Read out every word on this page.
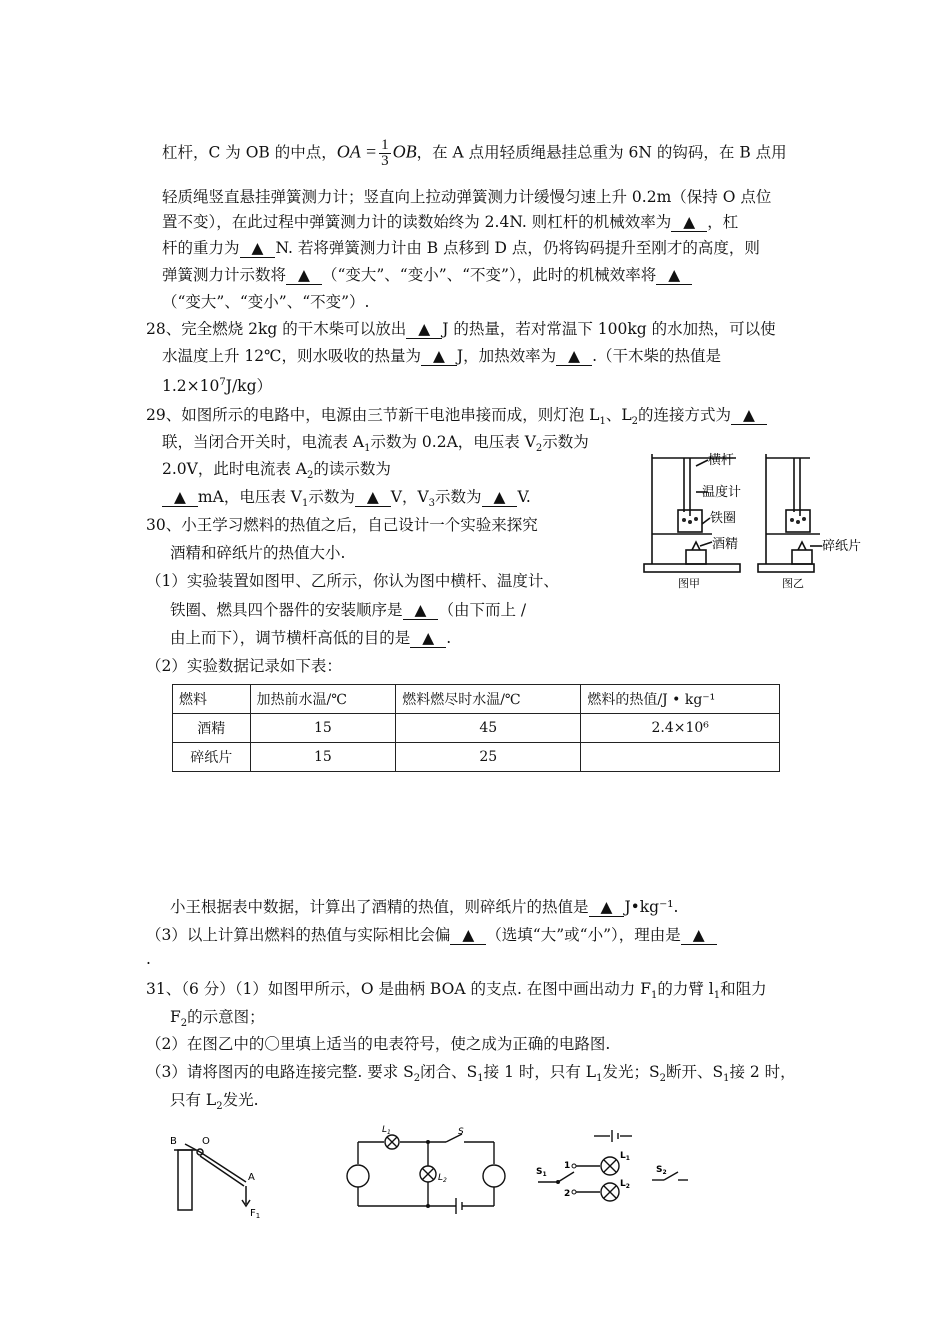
杠杆，C 为 OB 的中点，OA = $\frac{1}{3}$ OB，在 A 点用轻质绳悬挂总重为 6N 的钩码，在 B 点用
轻质绳竖直悬挂弹簧测力计；竖直向上拉动弹簧测力计缓慢匀速上升 0.2m（保持 O 点位
置不变），在此过程中弹簧测力计的读数始终为 2.4N. 则杠杆的机械效率为 ▲ ，杠
杆的重力为 ▲ N. 若将弹簧测力计由 B 点移到 D 点，仍将钩码提升至刚才的高度，则
弹簧测力计示数将 ▲ （“变大”、“变小”、“不变”），此时的机械效率将 ▲
（“变大”、“变小”、“不变”）.
28、完全燃烧 2kg 的干木柴可以放出 ▲ J 的热量，若对常温下 100kg 的水加热，可以使
水温度上升 12℃，则水吸收的热量为 ▲ J，加热效率为 ▲ .（干木柴的热值是
$1.2\times 10^7J/kg$）
29、如图所示的电路中，电源由三节新干电池串接而成，则灯泡 $L_1$、$L_2$的连接方式为 ▲
联，当闭合开关时，电流表 $A_1$示数为 0.2A，电压表 $V_2$示数为
2.0V，此时电流表 $A_2$的读示数为
▲ mA，电压表 $V_1$示数为 ▲ V，$V_3$示数为 ▲ V.
30、小王学习燃料的热值之后，自己设计一个实验来探究
酒精和碎纸片的热值大小.
（1）实验装置如图甲、乙所示，你认为图中横杆、温度计、
铁圈、燃具四个器件的安装顺序是 ▲ （由下而上 /
由上而下），调节横杆高低的目的是 ▲ .
（2）实验数据记录如下表：
横杆
温度计
铁圈
酒精	碎纸片
图甲	图乙
燃料	加热前水温/℃	燃料燃尽时水温/℃	燃料的热值/J • kg⁻¹
酒精	15	45	2.4×10⁶
碎纸片	15	25	
小王根据表中数据，计算出了酒精的热值，则碎纸片的热值是 ▲ J•kg⁻¹.
（3）以上计算出燃料的热值与实际相比会偏 ▲ （选填“大”或“小”），理由是 ▲
.
31、（6 分）（1）如图甲所示，O 是曲柄 BOA 的支点. 在图中画出动力 $F_1$的力臂 $l_1$和阻力
$F_2$的示意图；
（2）在图乙中的〇里填上适当的电表符号，使之成为正确的电路图.
（3）请将图丙的电路连接完整. 要求 $S_2$闭合、$S_1$接 1 时，只有 $L_1$发光；$S_2$断开、$S_1$接 2 时，
只有 $L_2$发光.
B	O
A
$F_1$
$L_1$
$L_2$
S
$S_1$
1
2
$L_1$
$L_2$
$S_2$
